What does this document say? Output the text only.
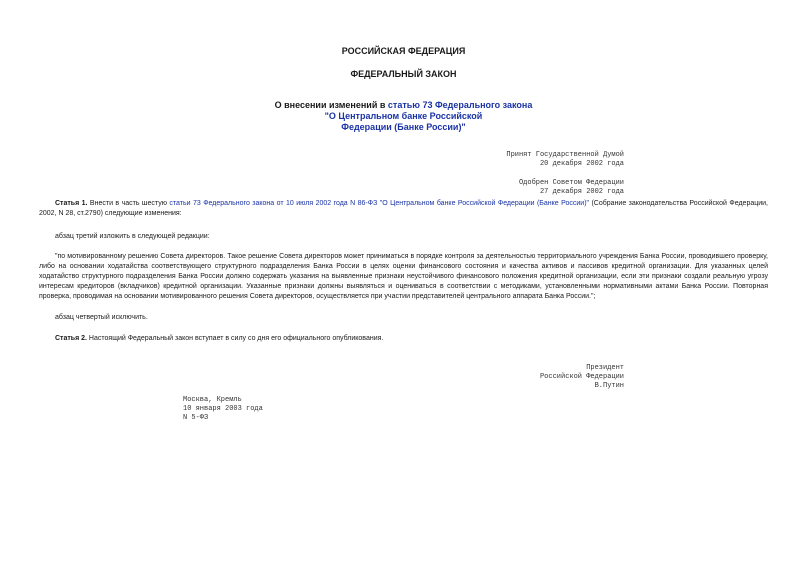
РОССИЙСКАЯ ФЕДЕРАЦИЯ
ФЕДЕРАЛЬНЫЙ ЗАКОН
О внесении изменений в статью 73 Федерального закона
"О Центральном банке Российской
Федерации (Банке России)"
Принят Государственной Думой
20 декабря 2002 года
Одобрен Советом Федерации
27 декабря 2002 года
Статья 1. Внести в часть шестую статьи 73 Федерального закона от 10 июля 2002 года N 86-ФЗ "О Центральном банке Российской Федерации (Банке России)" (Собрание законодательства Российской Федерации, 2002, N 28, ст.2790) следующие изменения:
абзац третий изложить в следующей редакции:
"по мотивированному решению Совета директоров. Такое решение Совета директоров может приниматься в порядке контроля за деятельностью территориального учреждения Банка России, проводившего проверку, либо на основании ходатайства соответствующего структурного подразделения Банка России в целях оценки финансового состояния и качества активов и пассивов кредитной организации. Для указанных целей ходатайство структурного подразделения Банка России должно содержать указания на выявленные признаки неустойчивого финансового положения кредитной организации, если эти признаки создали реальную угрозу интересам кредиторов (вкладчиков) кредитной организации. Указанные признаки должны выявляться и оцениваться в соответствии с методиками, установленными нормативными актами Банка России. Повторная проверка, проводимая на основании мотивированного решения Совета директоров, осуществляется при участии представителей центрального аппарата Банка России.";
абзац четвертый исключить.
Статья 2. Настоящий Федеральный закон вступает в силу со дня его официального опубликования.
Президент
Российской Федерации
В.Путин
Москва, Кремль
10 января 2003 года
N 5-ФЗ
